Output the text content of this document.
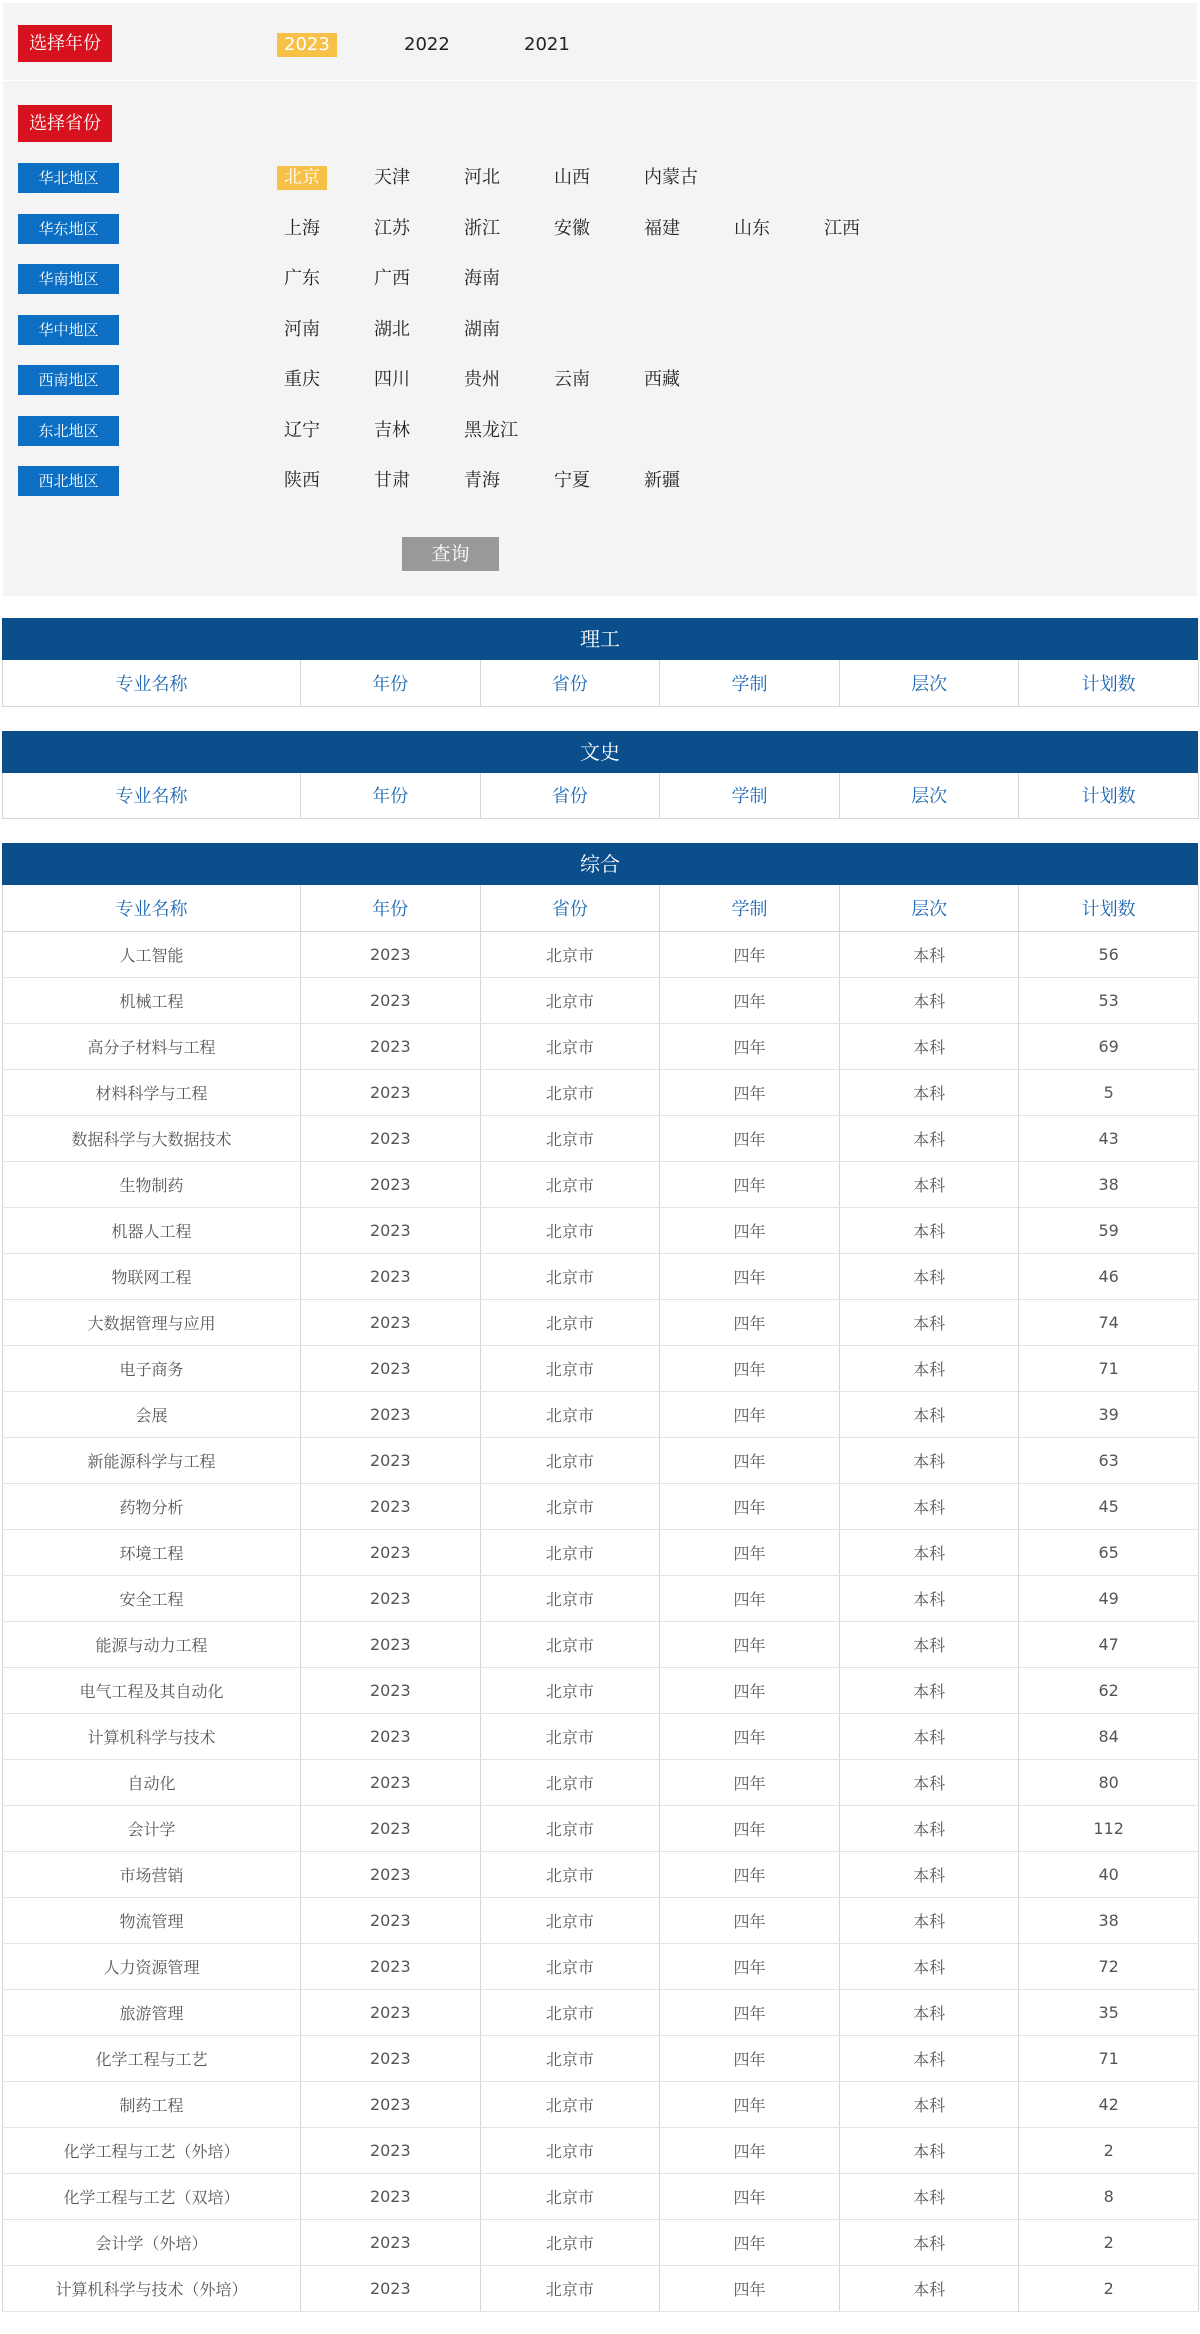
选择年份	2023	2022	2021
选择省份
华北地区	北京	天津	河北	山西	内蒙古
华东地区	上海	江苏	浙江	安徽	福建	山东	江西
华南地区	广东	广西	海南
华中地区	河南	湖北	湖南
西南地区	重庆	四川	贵州	云南	西藏
东北地区	辽宁	吉林	黑龙江
西北地区	陕西	甘肃	青海	宁夏	新疆
查询
理工
专业名称	年份	省份	学制	层次	计划数
文史
专业名称	年份	省份	学制	层次	计划数
综合
专业名称	年份	省份	学制	层次	计划数
人工智能	2023	北京市	四年	本科	56
机械工程	2023	北京市	四年	本科	53
高分子材料与工程	2023	北京市	四年	本科	69
材料科学与工程	2023	北京市	四年	本科	5
数据科学与大数据技术	2023	北京市	四年	本科	43
生物制药	2023	北京市	四年	本科	38
机器人工程	2023	北京市	四年	本科	59
物联网工程	2023	北京市	四年	本科	46
大数据管理与应用	2023	北京市	四年	本科	74
电子商务	2023	北京市	四年	本科	71
会展	2023	北京市	四年	本科	39
新能源科学与工程	2023	北京市	四年	本科	63
药物分析	2023	北京市	四年	本科	45
环境工程	2023	北京市	四年	本科	65
安全工程	2023	北京市	四年	本科	49
能源与动力工程	2023	北京市	四年	本科	47
电气工程及其自动化	2023	北京市	四年	本科	62
计算机科学与技术	2023	北京市	四年	本科	84
自动化	2023	北京市	四年	本科	80
会计学	2023	北京市	四年	本科	112
市场营销	2023	北京市	四年	本科	40
物流管理	2023	北京市	四年	本科	38
人力资源管理	2023	北京市	四年	本科	72
旅游管理	2023	北京市	四年	本科	35
化学工程与工艺	2023	北京市	四年	本科	71
制药工程	2023	北京市	四年	本科	42
化学工程与工艺（外培）	2023	北京市	四年	本科	2
化学工程与工艺（双培）	2023	北京市	四年	本科	8
会计学（外培）	2023	北京市	四年	本科	2
计算机科学与技术（外培）	2023	北京市	四年	本科	2
